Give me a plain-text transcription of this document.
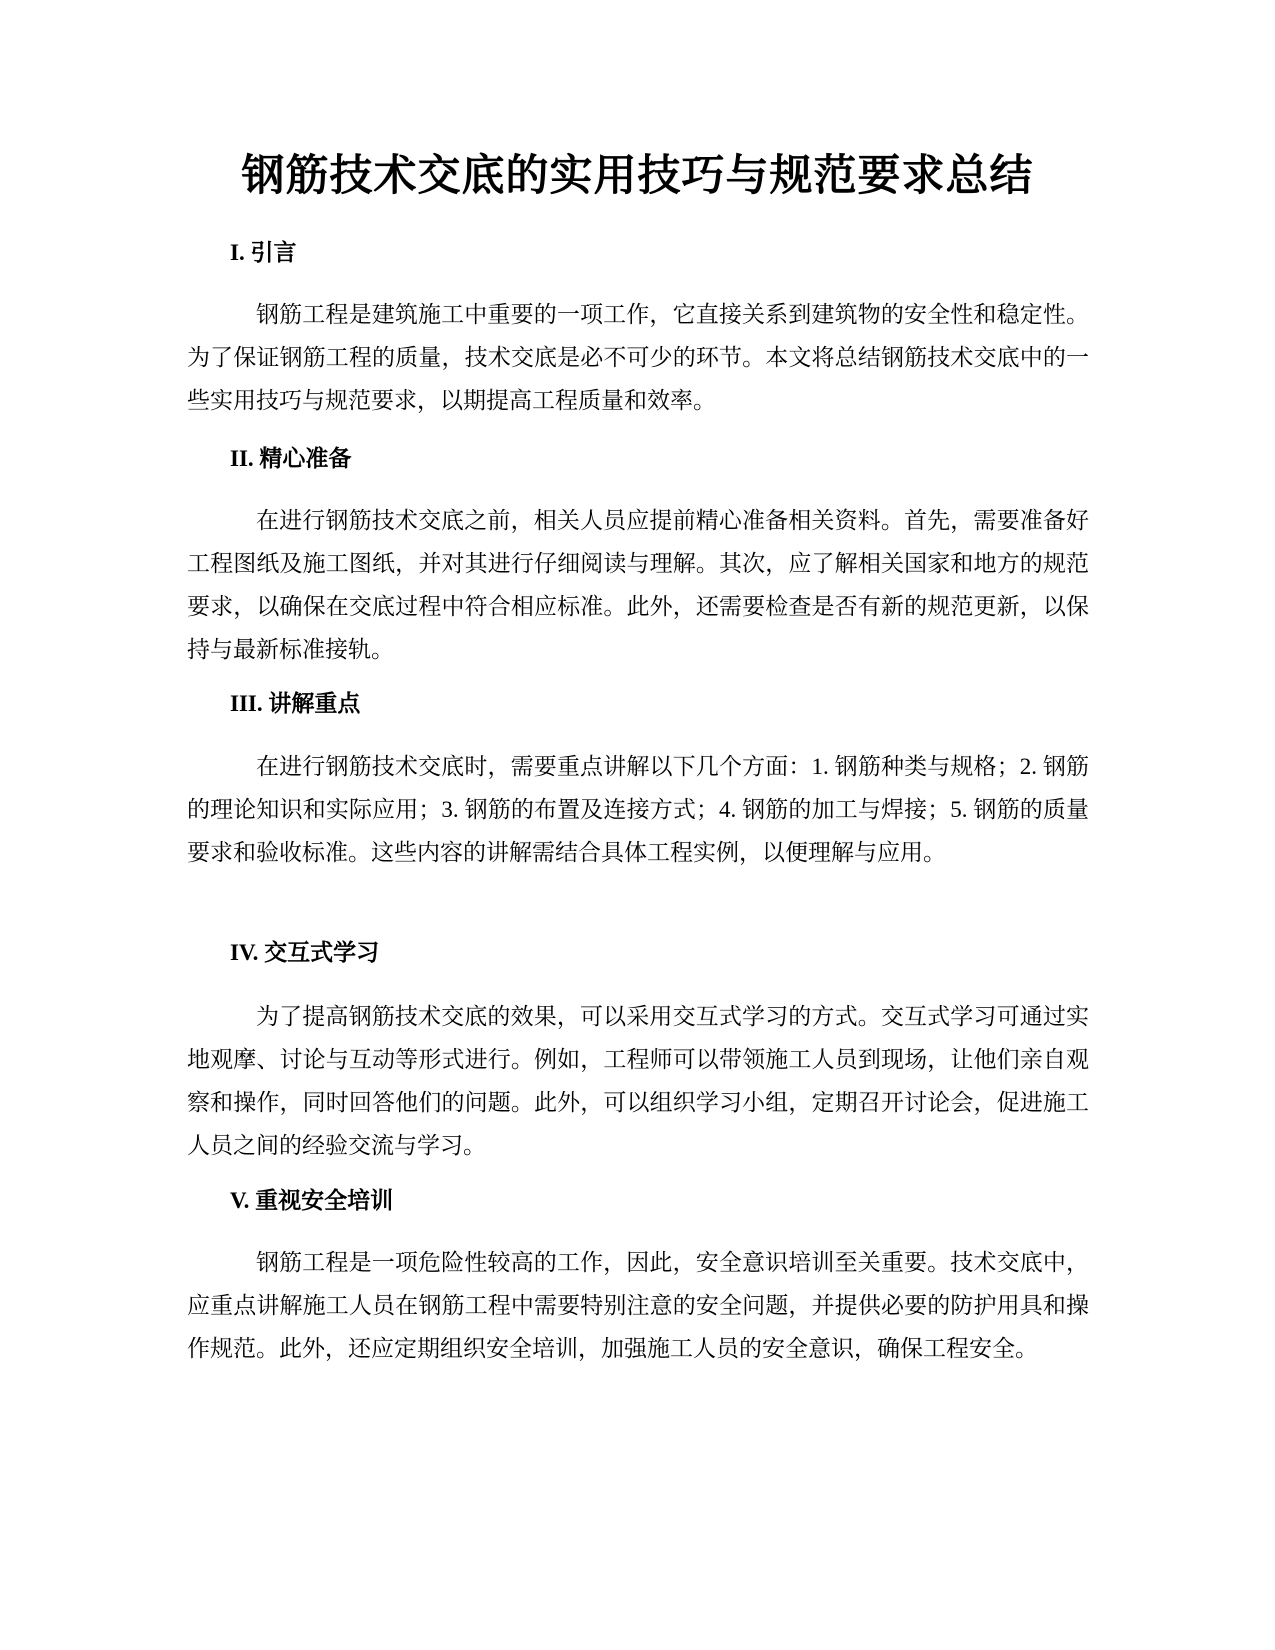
钢筋技术交底的实用技巧与规范要求总结
I. 引言

钢筋工程是建筑施工中重要的一项工作，它直接关系到建筑物的安全性和稳定性。为了保证钢筋工程的质量，技术交底是必不可少的环节。本文将总结钢筋技术交底中的一些实用技巧与规范要求，以期提高工程质量和效率。

II. 精心准备

在进行钢筋技术交底之前，相关人员应提前精心准备相关资料。首先，需要准备好工程图纸及施工图纸，并对其进行仔细阅读与理解。其次，应了解相关国家和地方的规范要求，以确保在交底过程中符合相应标准。此外，还需要检查是否有新的规范更新，以保持与最新标准接轨。

III. 讲解重点

在进行钢筋技术交底时，需要重点讲解以下几个方面：1. 钢筋种类与规格；2. 钢筋的理论知识和实际应用；3. 钢筋的布置及连接方式；4. 钢筋的加工与焊接；5. 钢筋的质量要求和验收标准。这些内容的讲解需结合具体工程实例，以便理解与应用。

IV. 交互式学习

为了提高钢筋技术交底的效果，可以采用交互式学习的方式。交互式学习可通过实地观摩、讨论与互动等形式进行。例如，工程师可以带领施工人员到现场，让他们亲自观察和操作，同时回答他们的问题。此外，可以组织学习小组，定期召开讨论会，促进施工人员之间的经验交流与学习。

V. 重视安全培训

钢筋工程是一项危险性较高的工作，因此，安全意识培训至关重要。技术交底中，应重点讲解施工人员在钢筋工程中需要特别注意的安全问题，并提供必要的防护用具和操作规范。此外，还应定期组织安全培训，加强施工人员的安全意识，确保工程安全。
